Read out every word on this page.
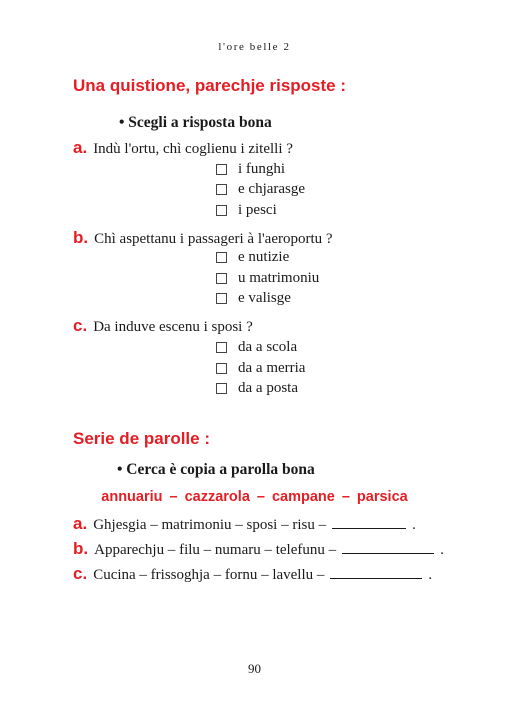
l'ore belle 2
Una quistione, parechje risposte :
• Scegli a risposta bona
a. Indù l'ortu, chì coglienu i zitelli ?
i funghi
e chjarasge
i pesci
b. Chì aspettanu i passageri à l'aeroportu ?
e nutizie
u matrimoniu
e valisge
c. Da induve escenu i sposi ?
da a scola
da a merria
da a posta
Serie de parolle :
• Cerca è copia a parolla bona
annuariu – cazzarola – campane – parsica
a. Ghjesgia – matrimoniu – sposi – risu –	.
b. Apparechju – filu – numaru – telefunu –	.
c. Cucina – frissoghja – fornu – lavellu –	.
90
